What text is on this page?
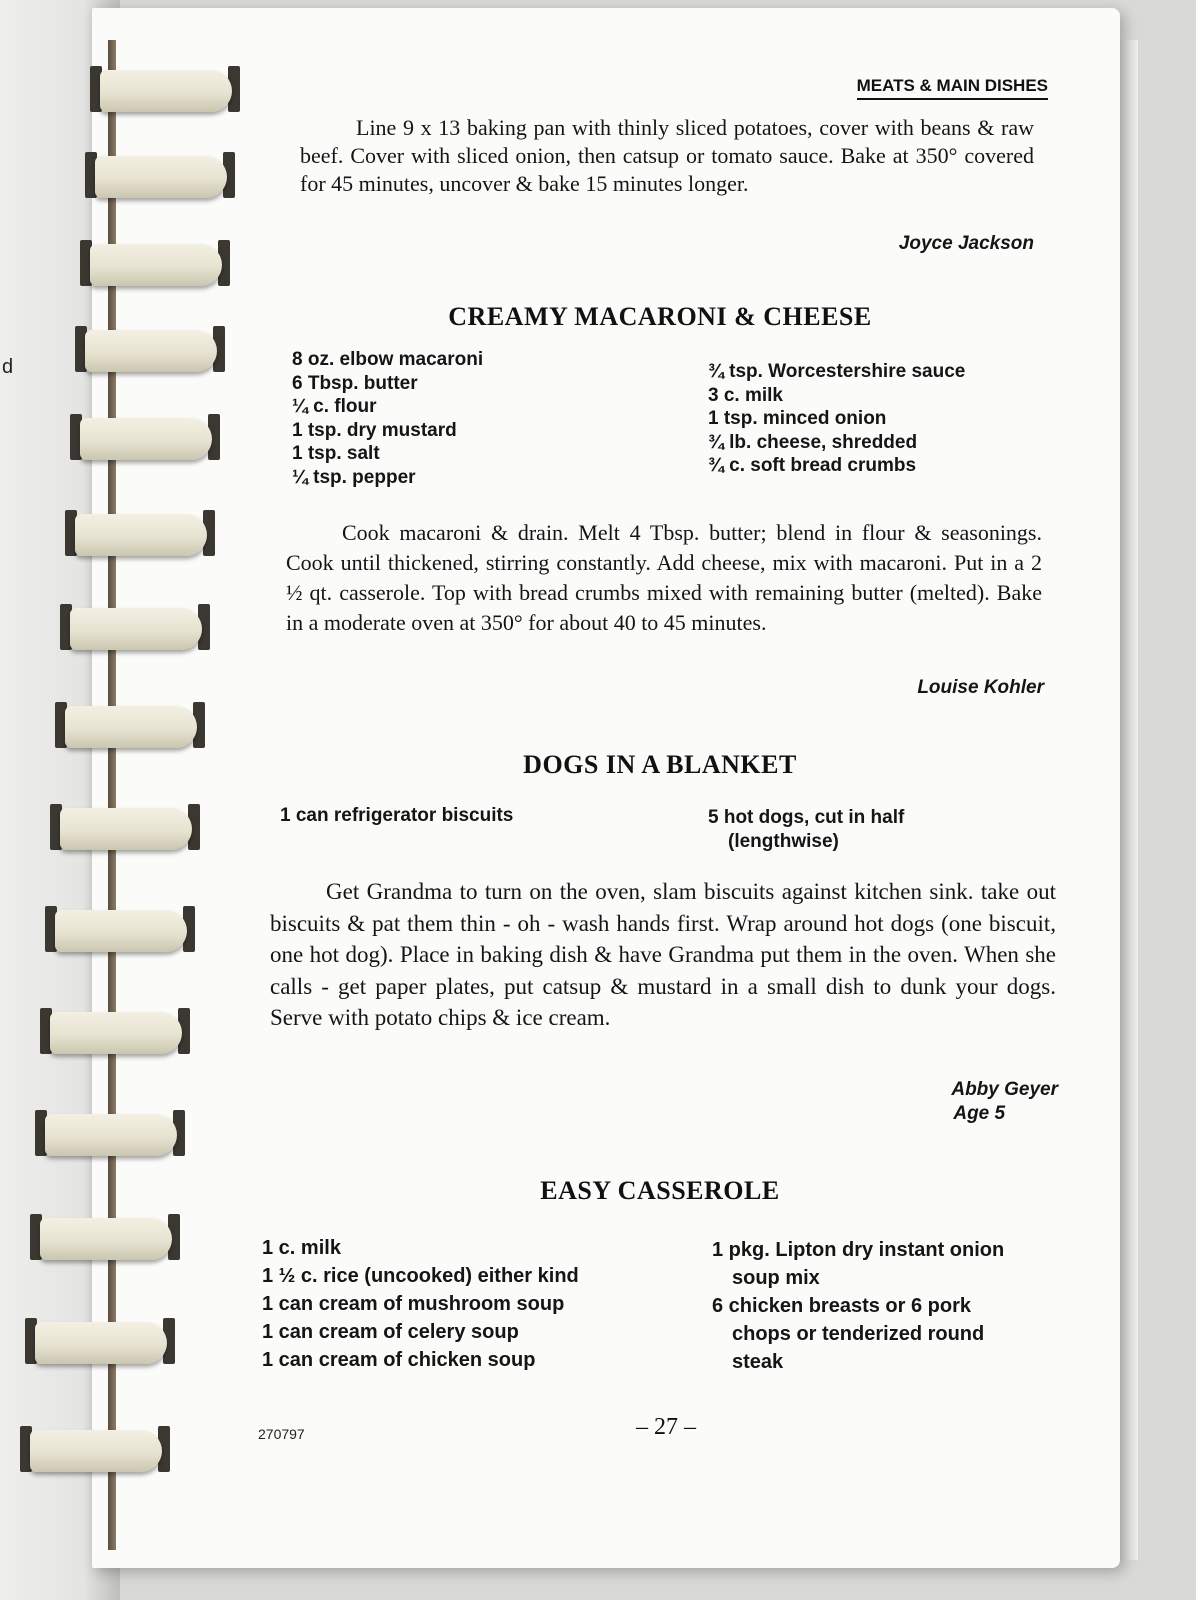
d
MEATS & MAIN DISHES

Line 9 x 13 baking pan with thinly sliced potatoes, cover with beans & raw beef. Cover with sliced onion, then catsup or tomato sauce. Bake at 350° covered for 45 minutes, uncover & bake 15 minutes longer.

Joyce Jackson
CREAMY MACARONI & CHEESE
8 oz. elbow macaroni
6 Tbsp. butter
¼ c. flour
1 tsp. dry mustard
1 tsp. salt
¼ tsp. pepper
¾ tsp. Worcestershire sauce
3 c. milk
1 tsp. minced onion
¾ lb. cheese, shredded
¾ c. soft bread crumbs

Cook macaroni & drain. Melt 4 Tbsp. butter; blend in flour & seasonings. Cook until thickened, stirring constantly. Add cheese, mix with macaroni. Put in a 2 ½ qt. casserole. Top with bread crumbs mixed with remaining butter (melted). Bake in a moderate oven at 350° for about 40 to 45 minutes.

Louise Kohler
DOGS IN A BLANKET
1 can refrigerator biscuits	5 hot dogs, cut in half
(lengthwise)

Get Grandma to turn on the oven, slam biscuits against kitchen sink. take out biscuits & pat them thin - oh - wash hands first. Wrap around hot dogs (one biscuit, one hot dog). Place in baking dish & have Grandma put them in the oven. When she calls - get paper plates, put catsup & mustard in a small dish to dunk your dogs. Serve with potato chips & ice cream.

Abby Geyer
Age 5
EASY CASSEROLE
1 c. milk
1 ½ c. rice (uncooked) either kind
1 can cream of mushroom soup
1 can cream of celery soup
1 can cream of chicken soup
1 pkg. Lipton dry instant onion
soup mix
6 chicken breasts or 6 pork
chops or tenderized round
steak
270797	– 27 –
